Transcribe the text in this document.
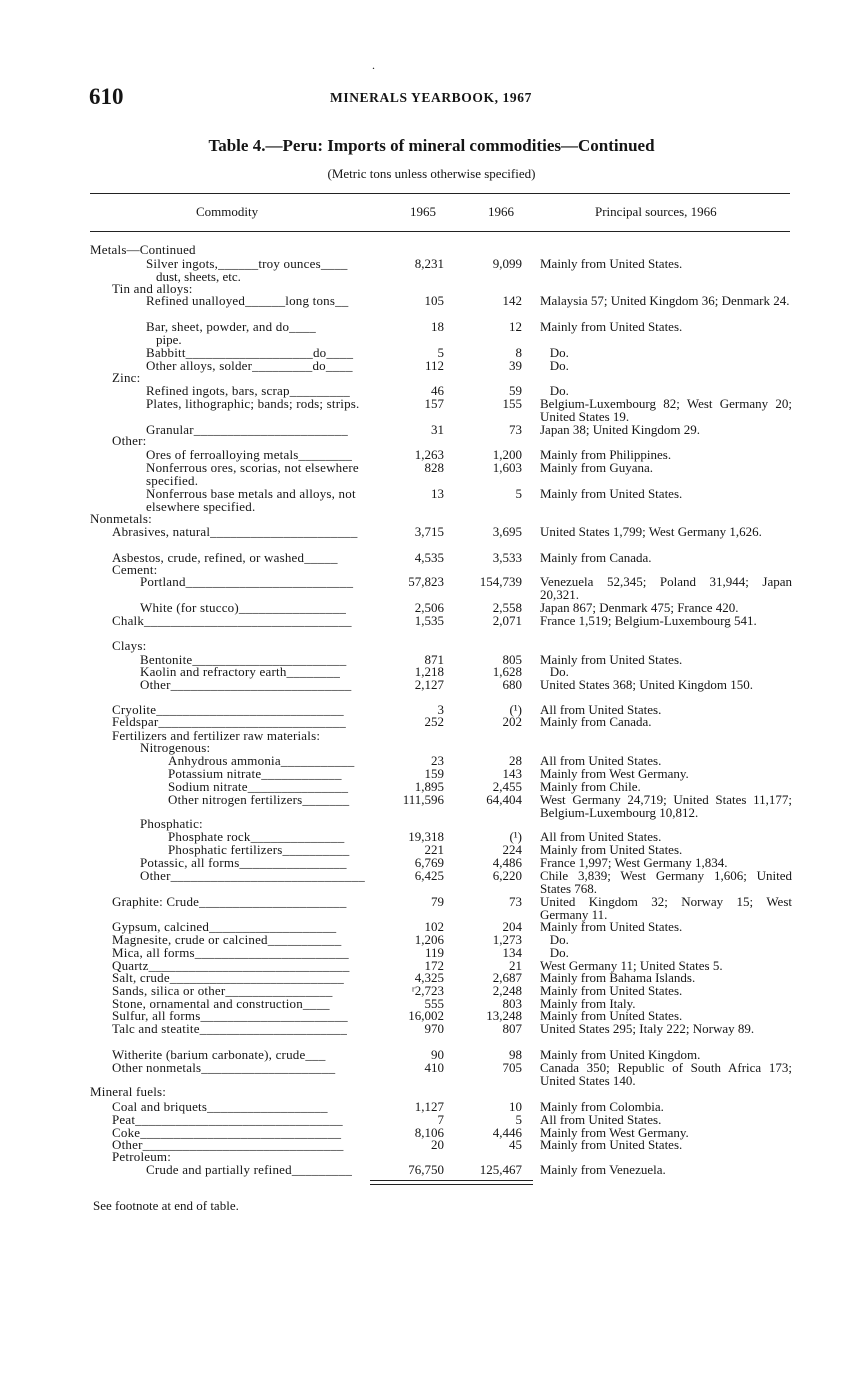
610
.
MINERALS YEARBOOK, 1967
Table 4.—Peru: Imports of mineral commodities—Continued
(Metric tons unless otherwise specified)
Commodity	1965	1966	Principal sources, 1966
Metals—Continued
Silver ingots,______troy ounces____
dust, sheets, etc.
8,231	9,099 Mainly from United States.
Tin and alloys:
Refined unalloyed______long tons__	105	142 Malaysia 57; United Kingdom 36; Denmark 24.
Bar, sheet, powder, and do____
pipe.
18	12 Mainly from United States.
Babbitt___________________do____	5	8 Do.
Other alloys, solder_________do____	112	39 Do.
Zinc:
Refined ingots, bars, scrap_________	46	59 Do.
Plates, lithographic; bands; rods; strips.	157	155 Belgium-Luxembourg 82; West Germany 20; United States 19.
Granular_______________________	31	73 Japan 38; United Kingdom 29.
Other:
Ores of ferroalloying metals________	1,263	1,200 Mainly from Philippines.
Nonferrous ores, scorias, not elsewhere specified.
828	1,603 Mainly from Guyana.
Nonferrous base metals and alloys, not elsewhere specified.
13	5 Mainly from United States.
Nonmetals:
Abrasives, natural______________________	3,715	3,695 United States 1,799; West Germany 1,626.
Asbestos, crude, refined, or washed_____	4,535	3,533 Mainly from Canada.
Cement:
Portland_________________________	57,823	154,739 Venezuela 52,345; Poland 31,944; Japan 20,321.
White (for stucco)________________	2,506	2,558 Japan 867; Denmark 475; France 420.
Chalk_______________________________	1,535	2,071 France 1,519; Belgium-Luxembourg 541.
Clays:
Bentonite_______________________	871	805 Mainly from United States.
Kaolin and refractory earth________	1,218	1,628 Do.
Other___________________________	2,127	680 United States 368; United Kingdom 150.
Cryolite____________________________	3	(¹) All from United States.
Feldspar____________________________	252	202 Mainly from Canada.
Fertilizers and fertilizer raw materials:
Nitrogenous:
Anhydrous ammonia___________	23	28 All from United States.
Potassium nitrate____________	159	143 Mainly from West Germany.
Sodium nitrate_______________	1,895	2,455 Mainly from Chile.
Other nitrogen fertilizers_______	111,596	64,404 West Germany 24,719; United States 11,177; Belgium-Luxembourg 10,812.
Phosphatic:
Phosphate rock______________	19,318	(¹) All from United States.
Phosphatic fertilizers__________	221	224 Mainly from United States.
Potassic, all forms________________	6,769	4,486 France 1,997; West Germany 1,834.
Other_____________________________	6,425	6,220 Chile 3,839; West Germany 1,606; United States 768.
Graphite: Crude______________________	79	73 United Kingdom 32; Norway 15; West Germany 11.
Gypsum, calcined___________________	102	204 Mainly from United States.
Magnesite, crude or calcined___________	1,206	1,273 Do.
Mica, all forms_______________________	119	134 Do.
Quartz______________________________	172	21 West Germany 11; United States 5.
Salt, crude__________________________	4,325	2,687 Mainly from Bahama Islands.
Sands, silica or other________________	ʳ2,723	2,248 Mainly from United States.
Stone, ornamental and construction____	555	803 Mainly from Italy.
Sulfur, all forms______________________	16,002	13,248 Mainly from United States.
Talc and steatite______________________	970	807 United States 295; Italy 222; Norway 89.
Witherite (barium carbonate), crude___	90	98 Mainly from United Kingdom.
Other nonmetals____________________	410	705 Canada 350; Republic of South Africa 173; United States 140.
Mineral fuels:
Coal and briquets__________________	1,127	10 Mainly from Colombia.
Peat_______________________________	7	5 All from United States.
Coke______________________________	8,106	4,446 Mainly from West Germany.
Other______________________________	20	45 Mainly from United States.
Petroleum:
Crude and partially refined_________	76,750	125,467 Mainly from Venezuela.
See footnote at end of table.
